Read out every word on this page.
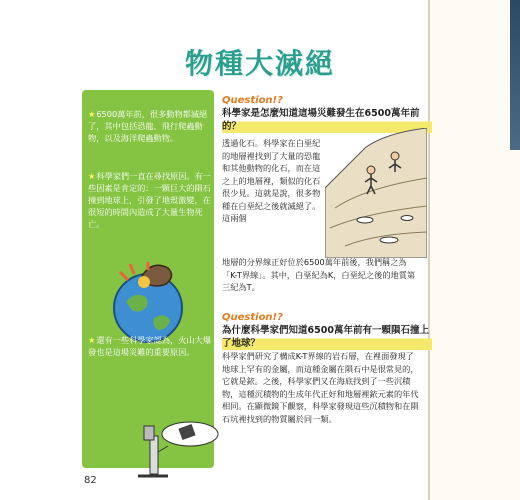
物種大滅絕
★6500萬年前，很多動物都滅絕了，其中包括恐龍、飛行爬蟲動物，以及海洋爬蟲動物。
★科學家們一直在尋找原因。有一些因素是肯定的：一顆巨大的隕石撞到地球上，引發了地殼激變，在很短的時間內造成了大量生物死亡。
★還有一些科學家認為，火山大爆發也是這場災難的重要原因。
Question!?
科學家是怎麼知道這場災難發生在6500萬年前的？
透過化石。科學家在白堊紀的地層裡找到了大量的恐龍和其他動物的化石，而在這之上的地層裡，類似的化石很少見。這就是說，很多物種在白堊紀之後就滅絕了。這兩個
地層的分界線正好位於6500萬年前後，我們稱之為「K-T界線」。其中，白堊紀為K，白堊紀之後的地質第三紀為T。
Question!?
為什麼科學家們知道6500萬年前有一顆隕石撞上了地球？
科學家們研究了構成K-T界線的岩石層，在裡面發現了地球上罕有的金屬，而這種金屬在隕石中是很常見的，它就是銥。之後，科學家們又在海底找到了一些沉積物，這種沉積物的生成年代正好和地層裡銥元素的年代相同。在顯微鏡下觀察，科學家發現這些沉積物和在隕石坑裡找到的物質屬於同一類。
82
